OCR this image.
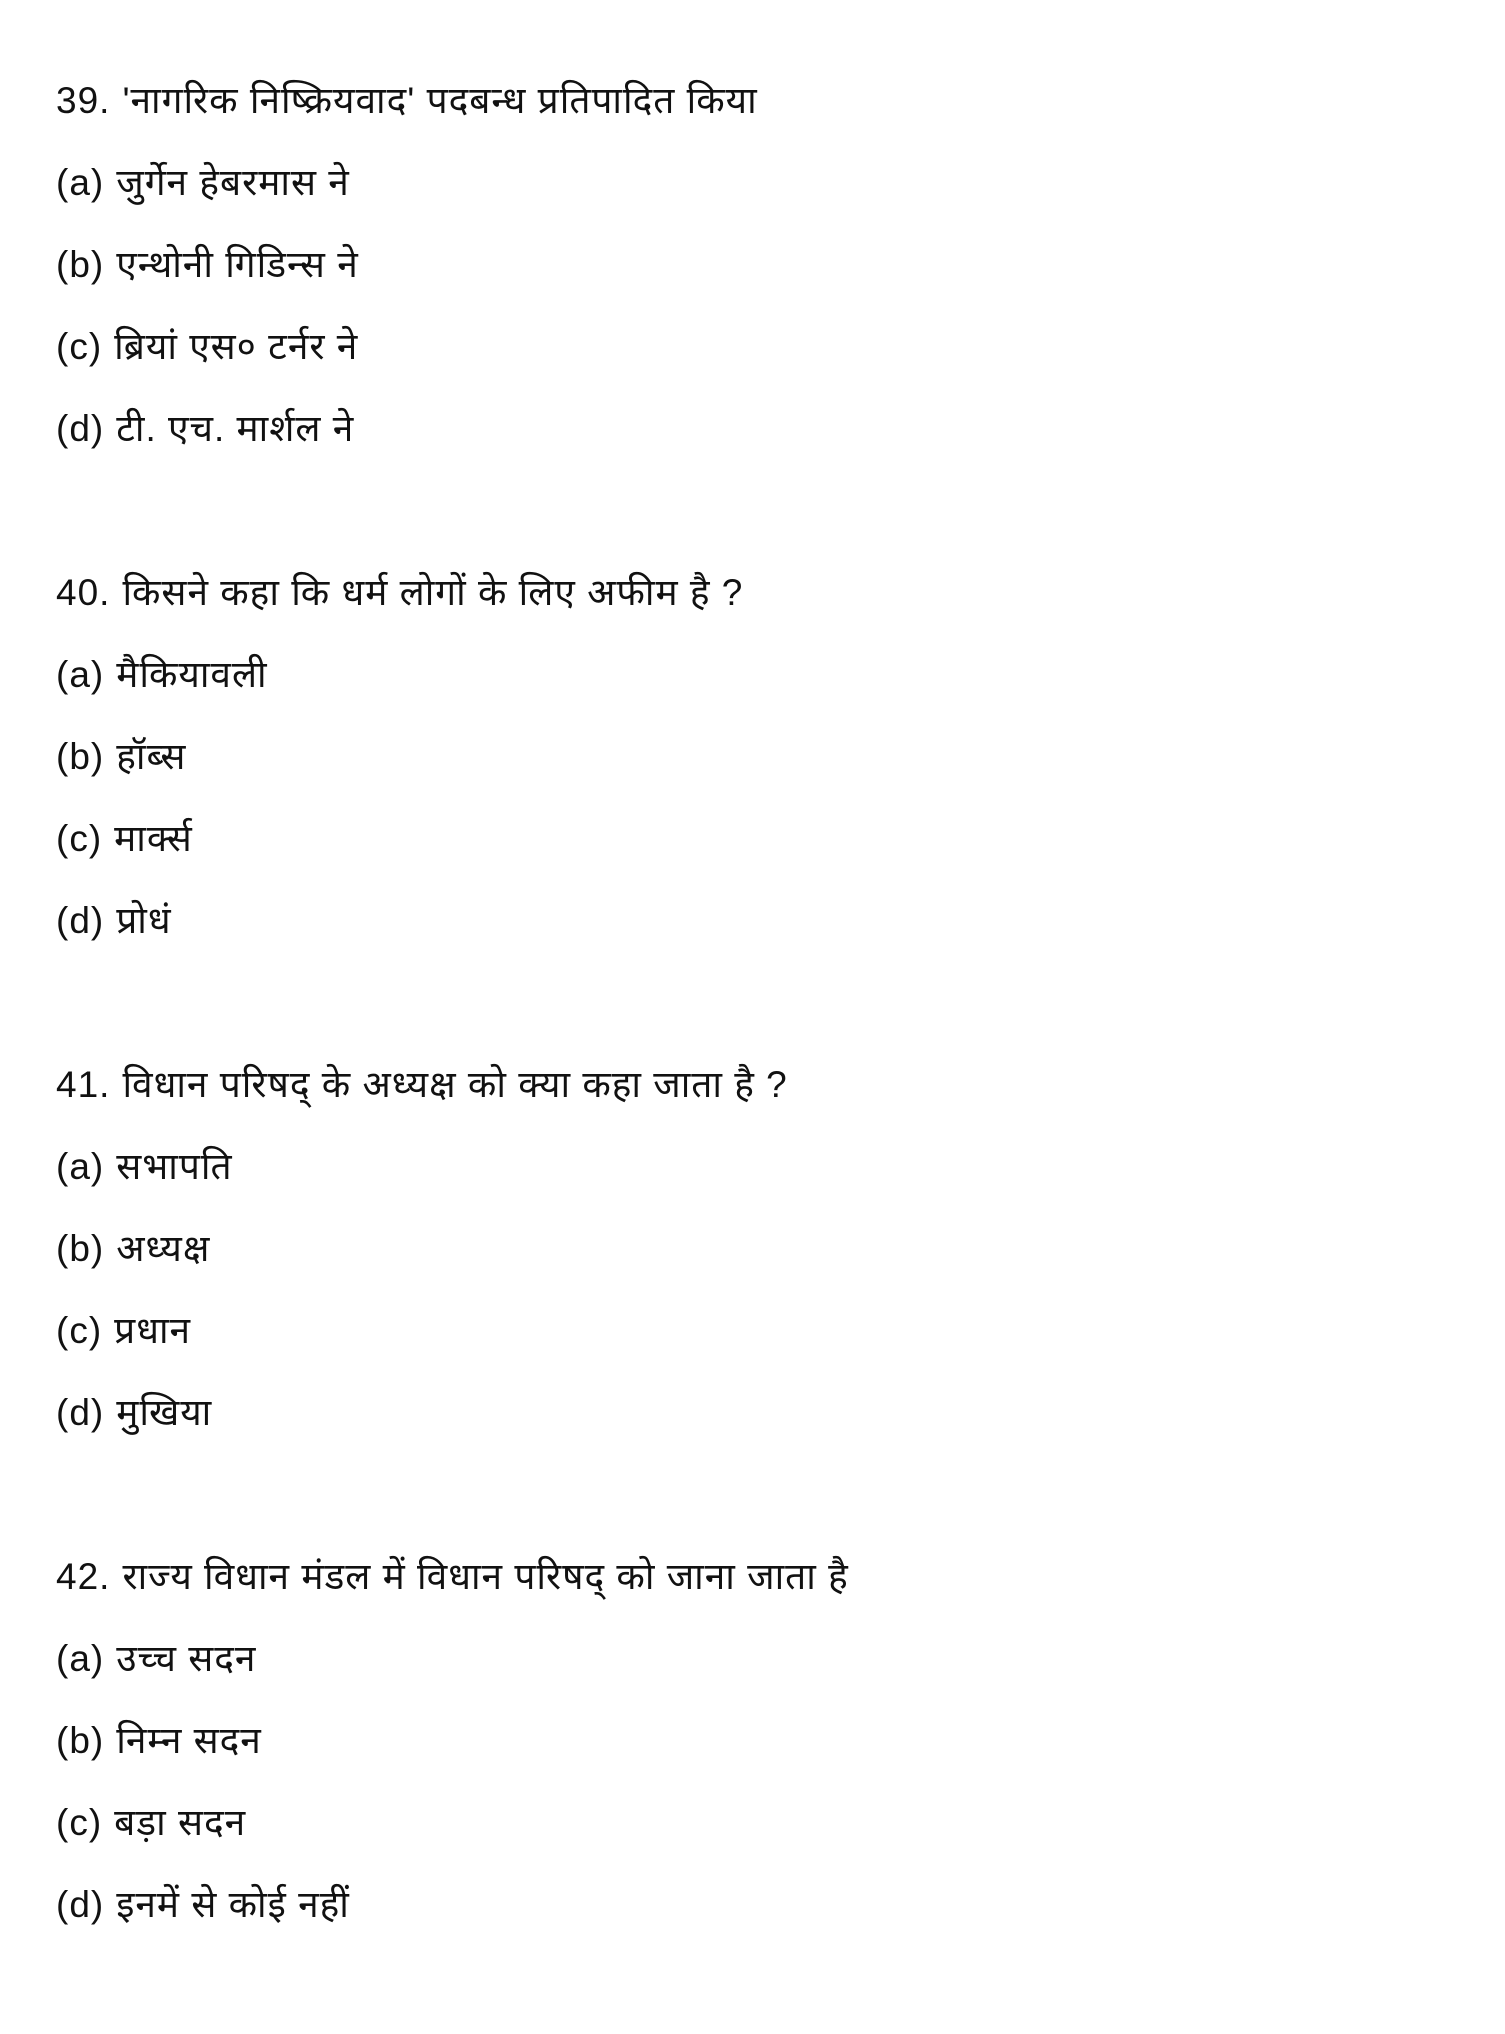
39. 'नागरिक निष्क्रियवाद' पदबन्ध प्रतिपादित किया
(a) जुर्गेन हेबरमास ने
(b) एन्थोनी गिडिन्स ने
(c) ब्रियां एस० टर्नर ने
(d) टी. एच. मार्शल ने
40. किसने कहा कि धर्म लोगों के लिए अफीम है ?
(a) मैकियावली
(b) हॉब्स
(c) मार्क्स
(d) प्रोधं
41. विधान परिषद् के अध्यक्ष को क्या कहा जाता है ?
(a) सभापति
(b) अध्यक्ष
(c) प्रधान
(d) मुखिया
42. राज्य विधान मंडल में विधान परिषद् को जाना जाता है
(a) उच्च सदन
(b) निम्न सदन
(c) बड़ा सदन
(d) इनमें से कोई नहीं
